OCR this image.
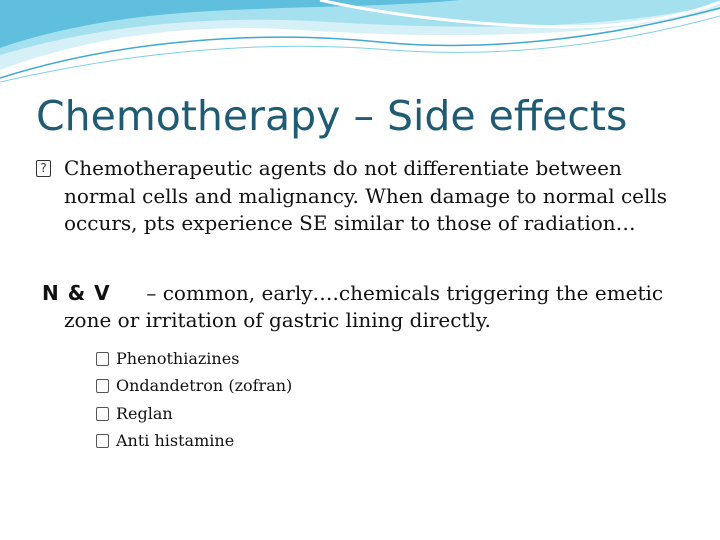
Chemotherapy – Side effects

? Chemotherapeutic agents do not differentiate between normal cells and malignancy. When damage to normal cells occurs, pts experience SE similar to those of radiation…

N & V – common, early….chemicals triggering the emetic zone or irritation of gastric lining directly.

Phenothiazines
Ondandetron (zofran)
Reglan
Anti histamine
